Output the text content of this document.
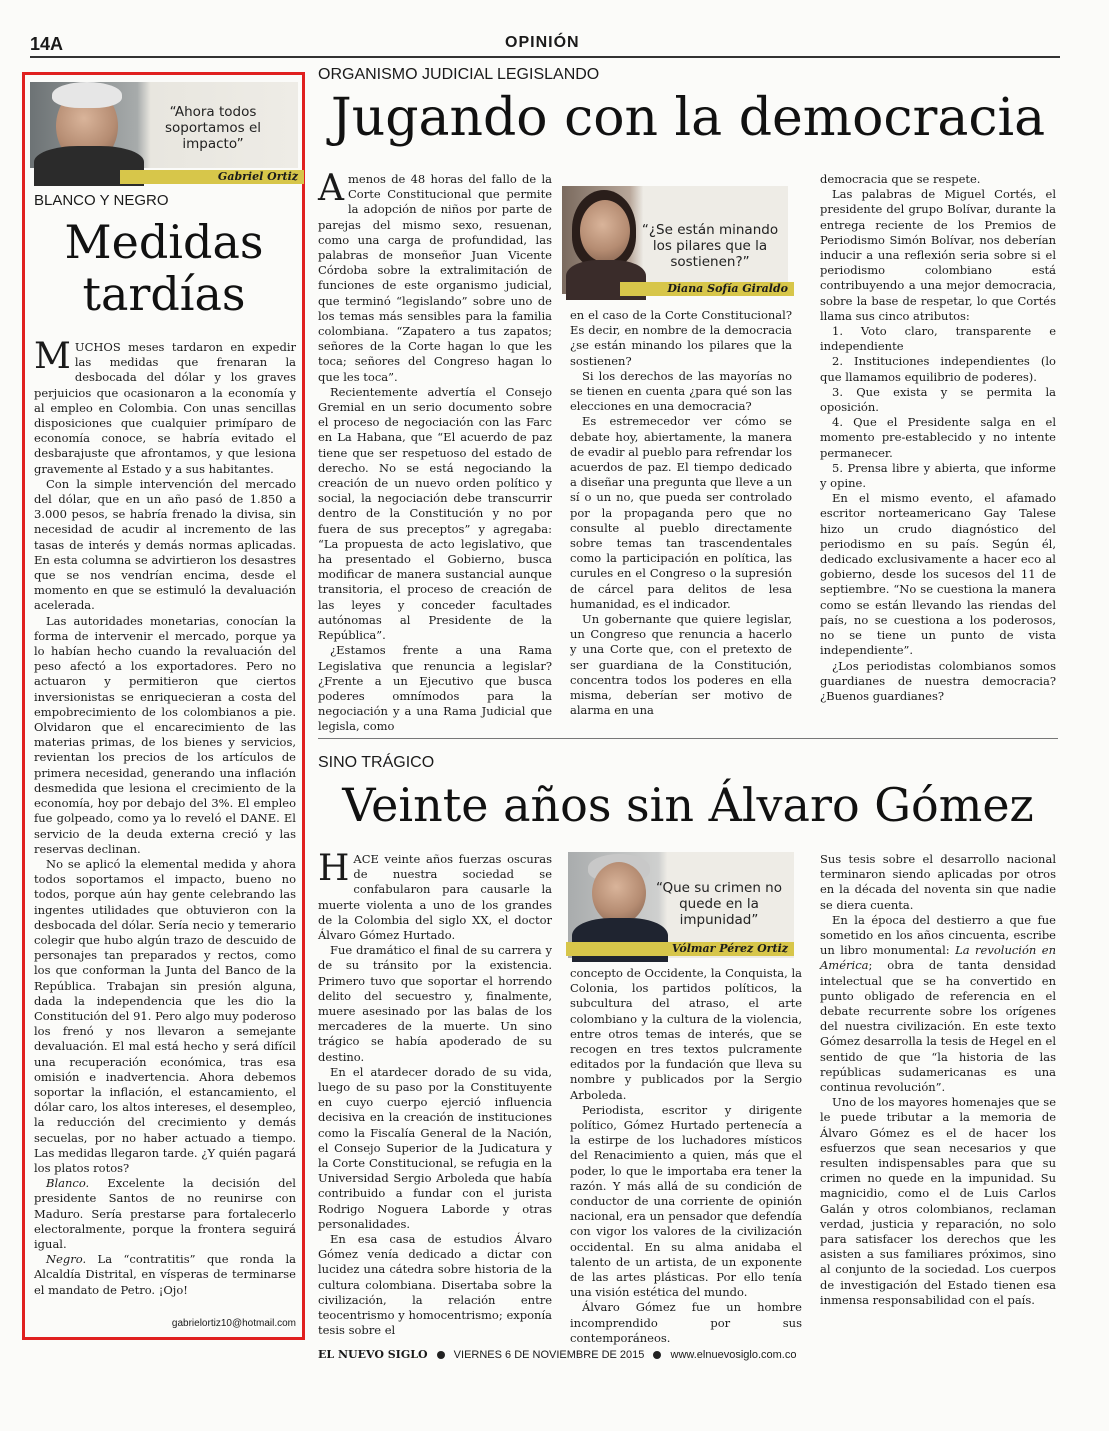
14A	OPINIÓN
“Ahora todos soportamos el impacto”
Gabriel Ortiz
BLANCO Y NEGRO
Medidas tardías

MUCHOS meses tardaron en expedir las medidas que frenaran la desbocada del dólar y los graves perjuicios que ocasionaron a la economía y al empleo en Colombia. Con unas sencillas disposiciones que cualquier primíparo de economía conoce, se habría evitado el desbarajuste que afrontamos, y que lesiona gravemente al Estado y a sus habitantes.

Con la simple intervención del mercado del dólar, que en un año pasó de 1.850 a 3.000 pesos, se habría frenado la divisa, sin necesidad de acudir al incremento de las tasas de interés y demás normas aplicadas. En esta columna se advirtieron los desastres que se nos vendrían encima, desde el momento en que se estimuló la devaluación acelerada.

Las autoridades monetarias, conocían la forma de intervenir el mercado, porque ya lo habían hecho cuando la revaluación del peso afectó a los exportadores. Pero no actuaron y permitieron que ciertos inversionistas se enriquecieran a costa del empobrecimiento de los colombianos a pie. Olvidaron que el encarecimiento de las materias primas, de los bienes y servicios, revientan los precios de los artículos de primera necesidad, generando una inflación desmedida que lesiona el crecimiento de la economía, hoy por debajo del 3%. El empleo fue golpeado, como ya lo reveló el DANE. El servicio de la deuda externa creció y las reservas declinan.

No se aplicó la elemental medida y ahora todos soportamos el impacto, bueno no todos, porque aún hay gente celebrando las ingentes utilidades que obtuvieron con la desbocada del dólar. Sería necio y temerario colegir que hubo algún trazo de descuido de personajes tan preparados y rectos, como los que conforman la Junta del Banco de la República. Trabajan sin presión alguna, dada la independencia que les dio la Constitución del 91. Pero algo muy poderoso los frenó y nos llevaron a semejante devaluación. El mal está hecho y será difícil una recuperación económica, tras esa omisión e inadvertencia. Ahora debemos soportar la inflación, el estancamiento, el dólar caro, los altos intereses, el desempleo, la reducción del crecimiento y demás secuelas, por no haber actuado a tiempo. Las medidas llegaron tarde. ¿Y quién pagará los platos rotos?

Blanco. Excelente la decisión del presidente Santos de no reunirse con Maduro. Sería prestarse para fortalecerlo electoralmente, porque la frontera seguirá igual.

Negro. La “contratitis” que ronda la Alcaldía Distrital, en vísperas de terminarse el mandato de Petro. ¡Ojo!

gabrielortiz10@hotmail.com
ORGANISMO JUDICIAL LEGISLANDO
Jugando con la democracia

Amenos de 48 horas del fallo de la Corte Constitucional que permite la adopción de niños por parte de parejas del mismo sexo, resuenan, como una carga de profundidad, las palabras de monseñor Juan Vicente Córdoba sobre la extralimitación de funciones de este organismo judicial, que terminó “legislando” sobre uno de los temas más sensibles para la familia colombiana. “Zapatero a tus zapatos; señores de la Corte hagan lo que les toca; señores del Congreso hagan lo que les toca”.

Recientemente advertía el Consejo Gremial en un serio documento sobre el proceso de negociación con las Farc en La Habana, que “El acuerdo de paz tiene que ser respetuoso del estado de derecho. No se está negociando la creación de un nuevo orden político y social, la negociación debe transcurrir dentro de la Constitución y no por fuera de sus preceptos” y agregaba: “La propuesta de acto legislativo, que ha presentado el Gobierno, busca modificar de manera sustancial aunque transitoria, el proceso de creación de las leyes y conceder facultades autónomas al Presidente de la República”.

¿Estamos frente a una Rama Legislativa que renuncia a legislar? ¿Frente a un Ejecutivo que busca poderes omnímodos para la negociación y a una Rama Judicial que legisla, como

“¿Se están minando los pilares que la sostienen?”
Diana Sofía Giraldo

en el caso de la Corte Constitucional? Es decir, en nombre de la democracia ¿se están minando los pilares que la sostienen?

Si los derechos de las mayorías no se tienen en cuenta ¿para qué son las elecciones en una democracia?

Es estremecedor ver cómo se debate hoy, abiertamente, la manera de evadir al pueblo para refrendar los acuerdos de paz. El tiempo dedicado a diseñar una pregunta que lleve a un sí o un no, que pueda ser controlado por la propaganda pero que no consulte al pueblo directamente sobre temas tan trascendentales como la participación en política, las curules en el Congreso o la supresión de cárcel para delitos de lesa humanidad, es el indicador.

Un gobernante que quiere legislar, un Congreso que renuncia a hacerlo y una Corte que, con el pretexto de ser guardiana de la Constitución, concentra todos los poderes en ella misma, deberían ser motivo de alarma en una

democracia que se respete.

Las palabras de Miguel Cortés, el presidente del grupo Bolívar, durante la entrega reciente de los Premios de Periodismo Simón Bolívar, nos deberían inducir a una reflexión seria sobre si el periodismo colombiano está contribuyendo a una mejor democracia, sobre la base de respetar, lo que Cortés llama sus cinco atributos:

1. Voto claro, transparente e independiente

2. Instituciones independientes (lo que llamamos equilibrio de poderes).

3. Que exista y se permita la oposición.

4. Que el Presidente salga en el momento pre-establecido y no intente permanecer.

5. Prensa libre y abierta, que informe y opine.

En el mismo evento, el afamado escritor norteamericano Gay Talese hizo un crudo diagnóstico del periodismo en su país. Según él, dedicado exclusivamente a hacer eco al gobierno, desde los sucesos del 11 de septiembre. “No se cuestiona la manera como se están llevando las riendas del país, no se cuestiona a los poderosos, no se tiene un punto de vista independiente”.

¿Los periodistas colombianos somos guardianes de nuestra democracia?¿Buenos guardianes?

SINO TRÁGICO
Veinte años sin Álvaro Gómez

HACE veinte años fuerzas oscuras de nuestra sociedad se confabularon para causarle la muerte violenta a uno de los grandes de la Colombia del siglo XX, el doctor Álvaro Gómez Hurtado.

Fue dramático el final de su carrera y de su tránsito por la existencia. Primero tuvo que soportar el horrendo delito del secuestro y, finalmente, muere asesinado por las balas de los mercaderes de la muerte. Un sino trágico se había apoderado de su destino.

En el atardecer dorado de su vida, luego de su paso por la Constituyente en cuyo cuerpo ejerció influencia decisiva en la creación de instituciones como la Fiscalía General de la Nación, el Consejo Superior de la Judicatura y la Corte Constitucional, se refugia en la Universidad Sergio Arboleda que había contribuido a fundar con el jurista Rodrigo Noguera Laborde y otras personalidades.

En esa casa de estudios Álvaro Gómez venía dedicado a dictar con lucidez una cátedra sobre historia de la cultura colombiana. Disertaba sobre la civilización, la relación entre teocentrismo y homocentrismo; exponía tesis sobre el

“Que su crimen no quede en la impunidad”
Vólmar Pérez Ortiz

concepto de Occidente, la Conquista, la Colonia, los partidos políticos, la subcultura del atraso, el arte colombiano y la cultura de la violencia, entre otros temas de interés, que se recogen en tres textos pulcramente editados por la fundación que lleva su nombre y publicados por la Sergio Arboleda.

Periodista, escritor y dirigente político, Gómez Hurtado pertenecía a la estirpe de los luchadores místicos del Renacimiento a quien, más que el poder, lo que le importaba era tener la razón. Y más allá de su condición de conductor de una corriente de opinión nacional, era un pensador que defendía con vigor los valores de la civilización occidental. En su alma anidaba el talento de un artista, de un exponente de las artes plásticas. Por ello tenía una visión estética del mundo.

Álvaro Gómez fue un hombre incomprendido por sus contemporáneos.

Sus tesis sobre el desarrollo nacional terminaron siendo aplicadas por otros en la década del noventa sin que nadie se diera cuenta.

En la época del destierro a que fue sometido en los años cincuenta, escribe un libro monumental: La revolución en América; obra de tanta densidad intelectual que se ha convertido en punto obligado de referencia en el debate recurrente sobre los orígenes del nuestra civilización. En este texto Gómez desarrolla la tesis de Hegel en el sentido de que “la historia de las repúblicas sudamericanas es una continua revolución”.

Uno de los mayores homenajes que se le puede tributar a la memoria de Álvaro Gómez es el de hacer los esfuerzos que sean necesarios y que resulten indispensables para que su crimen no quede en la impunidad. Su magnicidio, como el de Luis Carlos Galán y otros colombianos, reclaman verdad, justicia y reparación, no solo para satisfacer los derechos que les asisten a sus familiares próximos, sino al conjunto de la sociedad. Los cuerpos de investigación del Estado tienen esa inmensa responsabilidad con el país.

EL NUEVO SIGLO VIERNES 6 DE NOVIEMBRE DE 2015 www.elnuevosiglo.com.co
